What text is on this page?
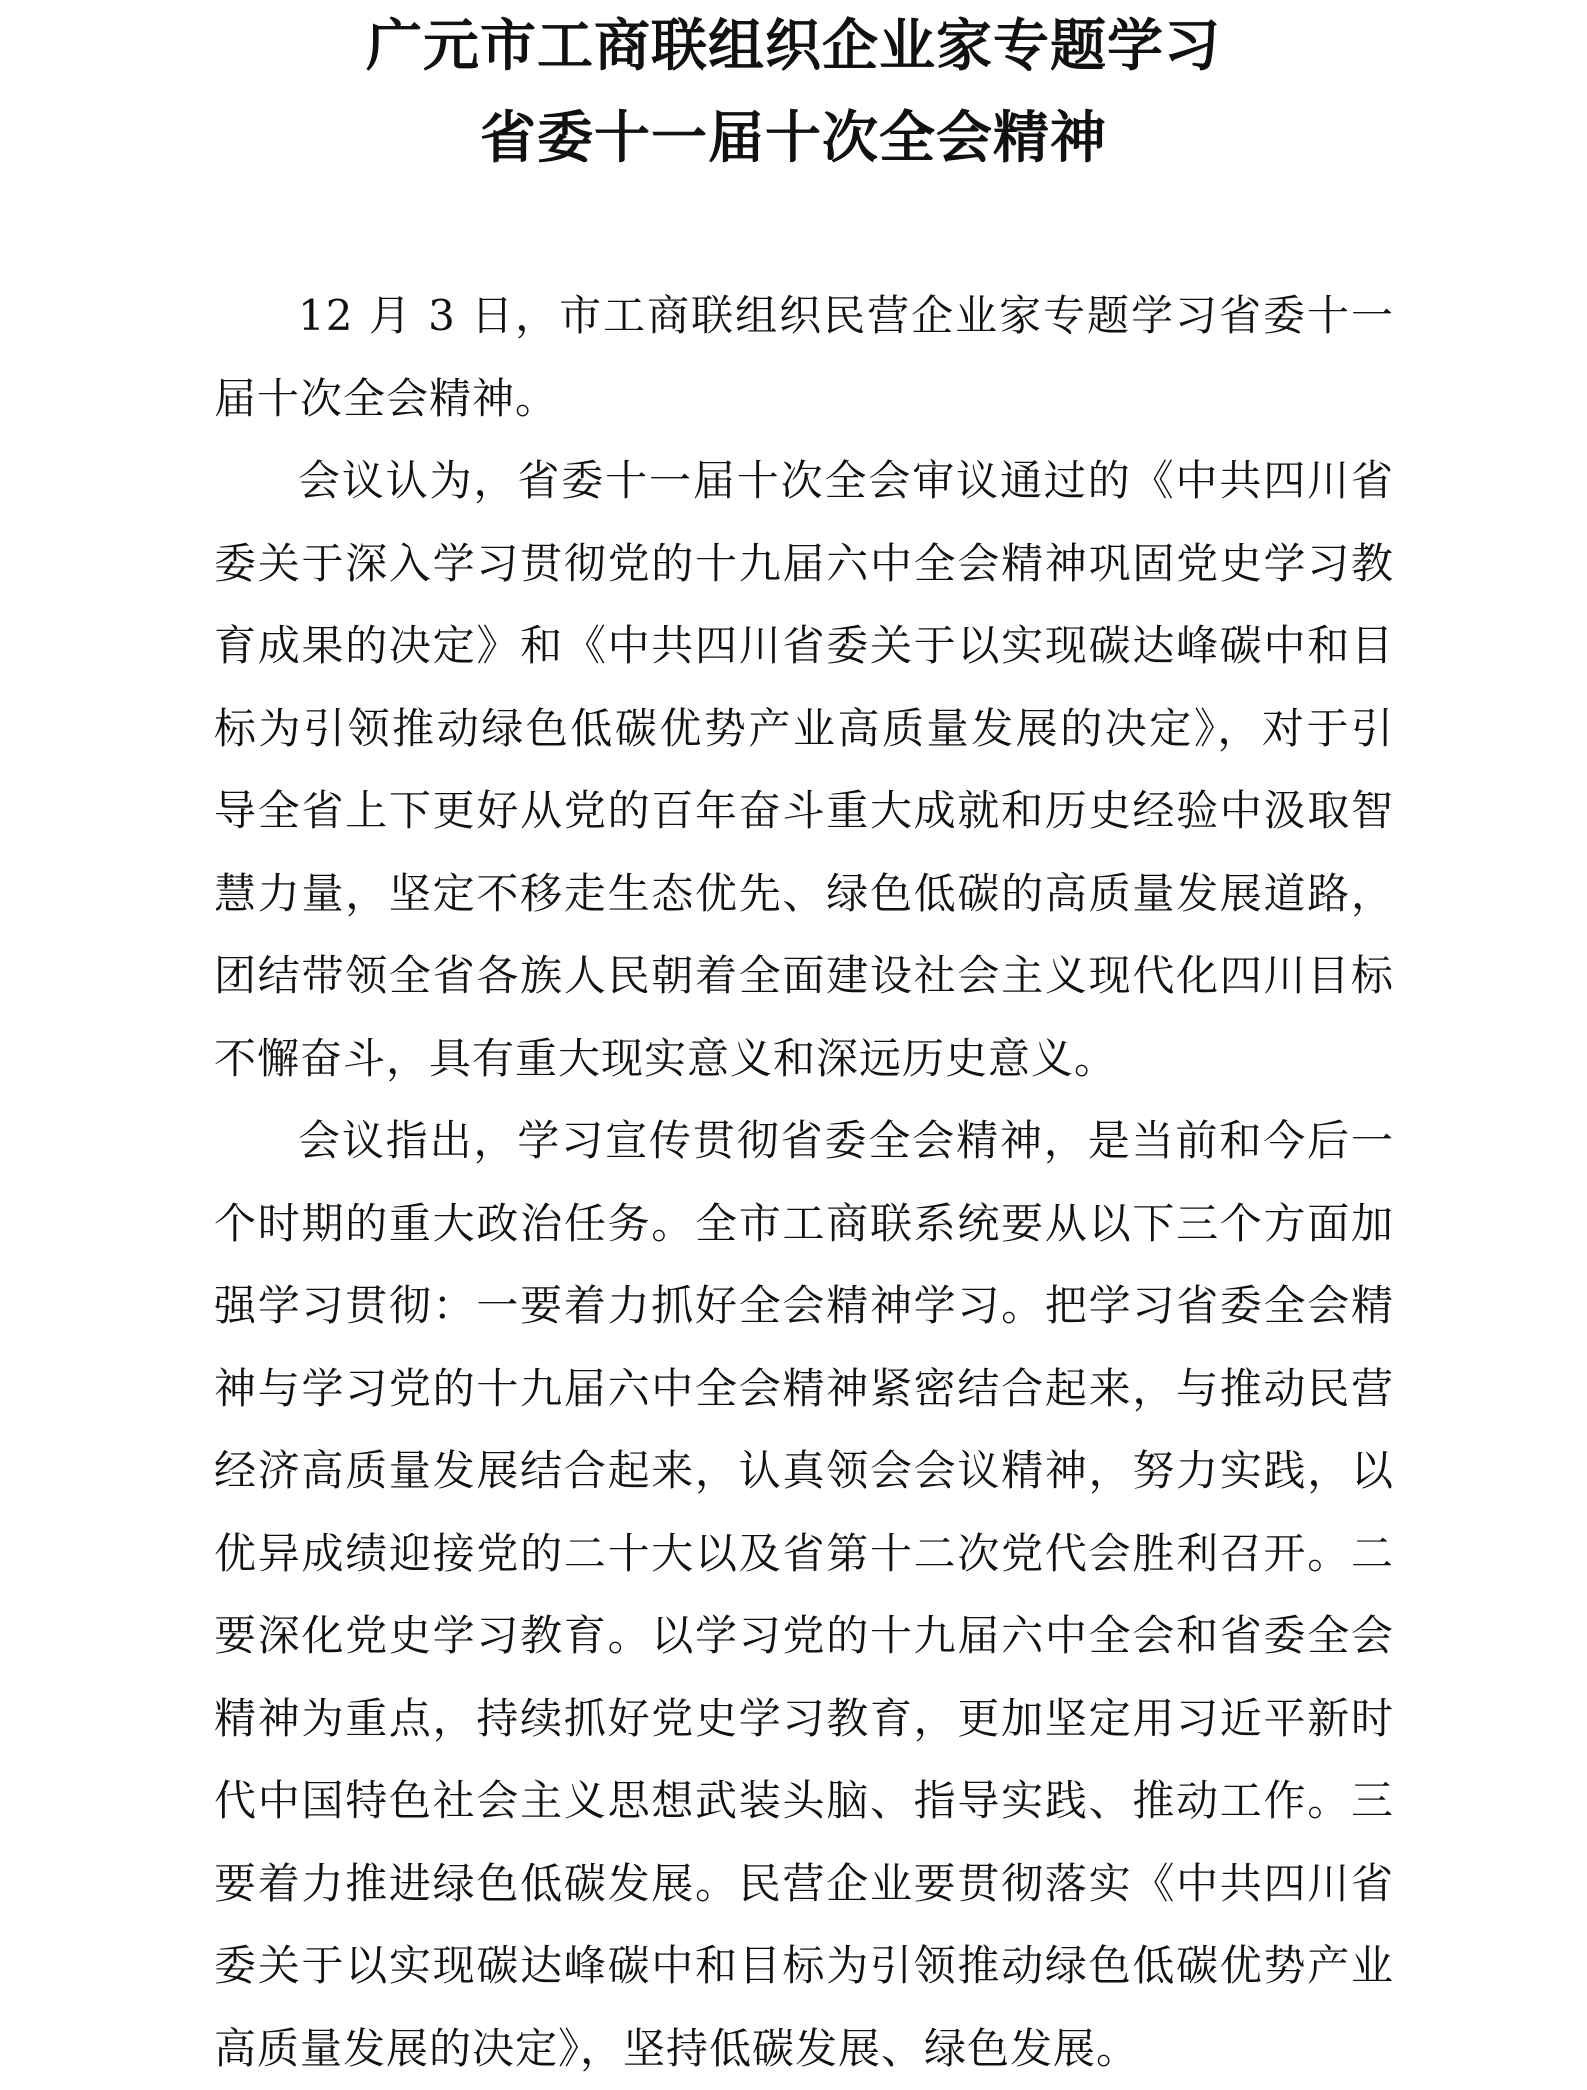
广元市工商联组织企业家专题学习
省委十一届十次全会精神

12 月 3 日，市工商联组织民营企业家专题学习省委十一届十次全会精神。

会议认为，省委十一届十次全会审议通过的《中共四川省委关于深入学习贯彻党的十九届六中全会精神巩固党史学习教育成果的决定》和《中共四川省委关于以实现碳达峰碳中和目标为引领推动绿色低碳优势产业高质量发展的决定》，对于引导全省上下更好从党的百年奋斗重大成就和历史经验中汲取智慧力量，坚定不移走生态优先、绿色低碳的高质量发展道路，团结带领全省各族人民朝着全面建设社会主义现代化四川目标不懈奋斗，具有重大现实意义和深远历史意义。

会议指出，学习宣传贯彻省委全会精神，是当前和今后一个时期的重大政治任务。全市工商联系统要从以下三个方面加强学习贯彻：一要着力抓好全会精神学习。把学习省委全会精神与学习党的十九届六中全会精神紧密结合起来，与推动民营经济高质量发展结合起来，认真领会会议精神，努力实践，以优异成绩迎接党的二十大以及省第十二次党代会胜利召开。二要深化党史学习教育。以学习党的十九届六中全会和省委全会精神为重点，持续抓好党史学习教育，更加坚定用习近平新时代中国特色社会主义思想武装头脑、指导实践、推动工作。三要着力推进绿色低碳发展。民营企业要贯彻落实《中共四川省委关于以实现碳达峰碳中和目标为引领推动绿色低碳优势产业高质量发展的决定》，坚持低碳发展、绿色发展。
